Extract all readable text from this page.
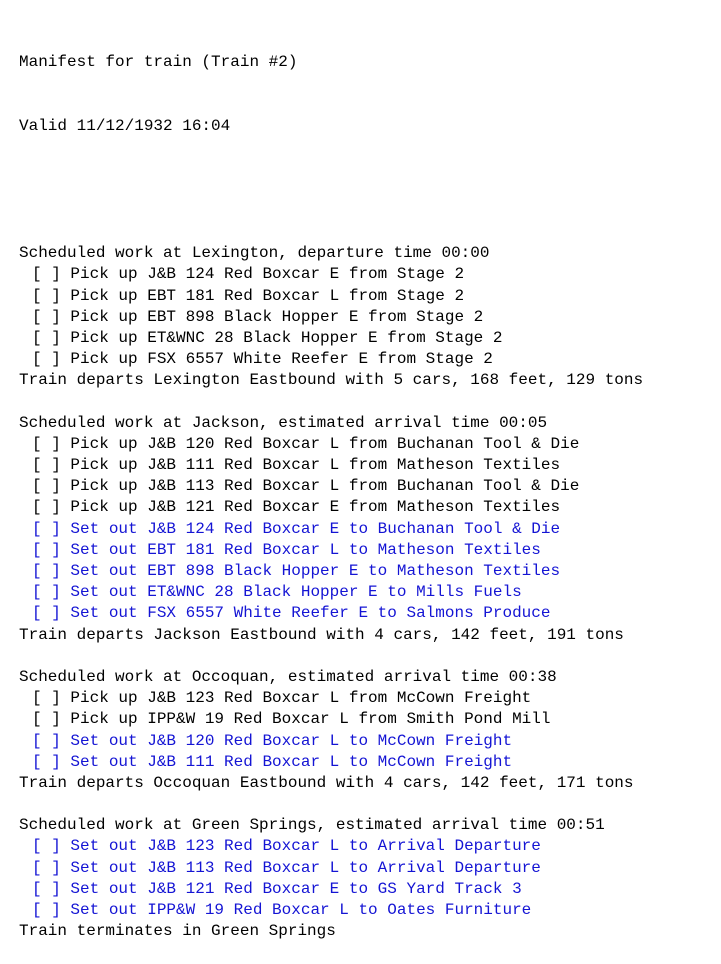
Manifest for train (Train #2)

Valid 11/12/1932 16:04

Scheduled work at Lexington, departure time 00:00
[ ] Pick up J&B 124 Red Boxcar E from Stage 2
[ ] Pick up EBT 181 Red Boxcar L from Stage 2
[ ] Pick up EBT 898 Black Hopper E from Stage 2
[ ] Pick up ET&WNC 28 Black Hopper E from Stage 2
[ ] Pick up FSX 6557 White Reefer E from Stage 2
Train departs Lexington Eastbound with 5 cars, 168 feet, 129 tons
Scheduled work at Jackson, estimated arrival time 00:05
[ ] Pick up J&B 120 Red Boxcar L from Buchanan Tool & Die
[ ] Pick up J&B 111 Red Boxcar L from Matheson Textiles
[ ] Pick up J&B 113 Red Boxcar L from Buchanan Tool & Die
[ ] Pick up J&B 121 Red Boxcar E from Matheson Textiles
[ ] Set out J&B 124 Red Boxcar E to Buchanan Tool & Die
[ ] Set out EBT 181 Red Boxcar L to Matheson Textiles
[ ] Set out EBT 898 Black Hopper E to Matheson Textiles
[ ] Set out ET&WNC 28 Black Hopper E to Mills Fuels
[ ] Set out FSX 6557 White Reefer E to Salmons Produce
Train departs Jackson Eastbound with 4 cars, 142 feet, 191 tons
Scheduled work at Occoquan, estimated arrival time 00:38
[ ] Pick up J&B 123 Red Boxcar L from McCown Freight
[ ] Pick up IPP&W 19 Red Boxcar L from Smith Pond Mill
[ ] Set out J&B 120 Red Boxcar L to McCown Freight
[ ] Set out J&B 111 Red Boxcar L to McCown Freight
Train departs Occoquan Eastbound with 4 cars, 142 feet, 171 tons
Scheduled work at Green Springs, estimated arrival time 00:51
[ ] Set out J&B 123 Red Boxcar L to Arrival Departure
[ ] Set out J&B 113 Red Boxcar L to Arrival Departure
[ ] Set out J&B 121 Red Boxcar E to GS Yard Track 3
[ ] Set out IPP&W 19 Red Boxcar L to Oates Furniture
Train terminates in Green Springs
